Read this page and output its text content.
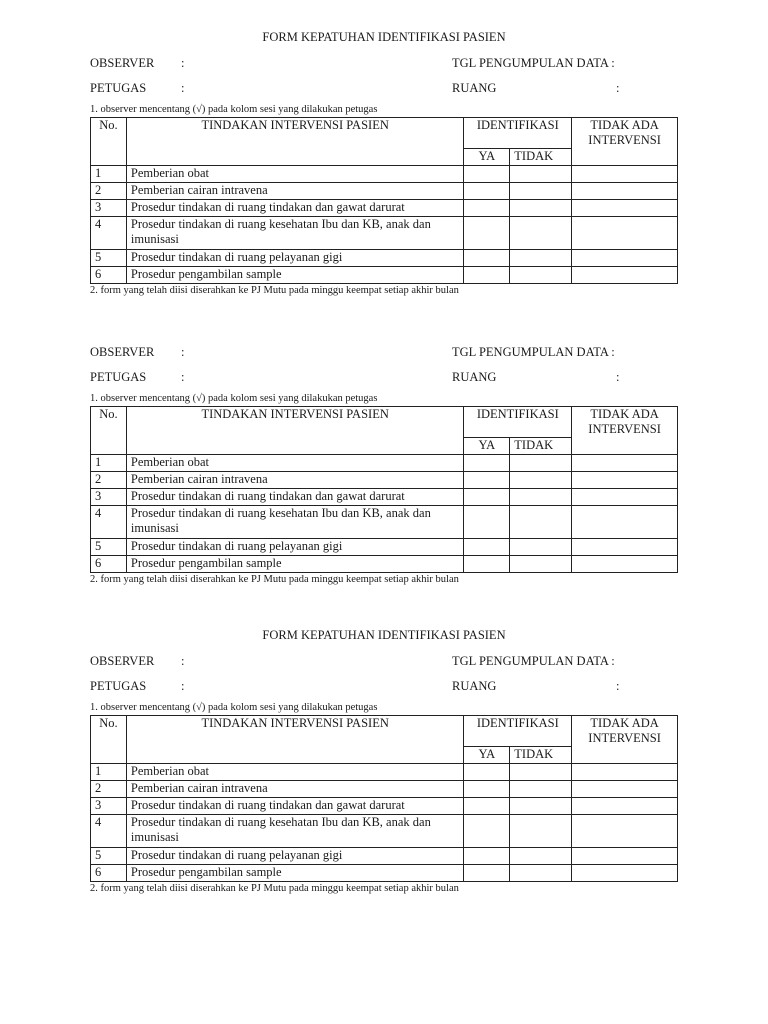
FORM KEPATUHAN IDENTIFIKASI PASIEN
OBSERVER :	TGL PENGUMPULAN DATA :
PETUGAS	:	RUANG	:
1. observer mencentang (√) pada kolom sesi yang dilakukan petugas
No.	TINDAKAN INTERVENSI PASIEN	IDENTIFIKASI		TIDAK ADA INTERVENSI
		YA	TIDAK	
1	Pemberian obat			
2	Pemberian cairan intravena			
3	Prosedur tindakan di ruang tindakan dan gawat darurat			
4	Prosedur tindakan di ruang kesehatan Ibu dan KB, anak dan imunisasi			
5	Prosedur tindakan di ruang pelayanan gigi			
6	Prosedur pengambilan sample			
2. form yang telah diisi diserahkan ke PJ Mutu pada minggu keempat setiap akhir bulan
OBSERVER :	TGL PENGUMPULAN DATA :
PETUGAS	:	RUANG	:
1. observer mencentang (√) pada kolom sesi yang dilakukan petugas
No.	TINDAKAN INTERVENSI PASIEN	IDENTIFIKASI		TIDAK ADA INTERVENSI
		YA	TIDAK	
1	Pemberian obat			
2	Pemberian cairan intravena			
3	Prosedur tindakan di ruang tindakan dan gawat darurat			
4	Prosedur tindakan di ruang kesehatan Ibu dan KB, anak dan imunisasi			
5	Prosedur tindakan di ruang pelayanan gigi			
6	Prosedur pengambilan sample			
2. form yang telah diisi diserahkan ke PJ Mutu pada minggu keempat setiap akhir bulan
FORM KEPATUHAN IDENTIFIKASI PASIEN
OBSERVER :	TGL PENGUMPULAN DATA :
PETUGAS	:	RUANG	:
1. observer mencentang (√) pada kolom sesi yang dilakukan petugas
No.	TINDAKAN INTERVENSI PASIEN	IDENTIFIKASI		TIDAK ADA INTERVENSI
		YA	TIDAK	
1	Pemberian obat			
2	Pemberian cairan intravena			
3	Prosedur tindakan di ruang tindakan dan gawat darurat			
4	Prosedur tindakan di ruang kesehatan Ibu dan KB, anak dan imunisasi			
5	Prosedur tindakan di ruang pelayanan gigi			
6	Prosedur pengambilan sample			
2. form yang telah diisi diserahkan ke PJ Mutu pada minggu keempat setiap akhir bulan
